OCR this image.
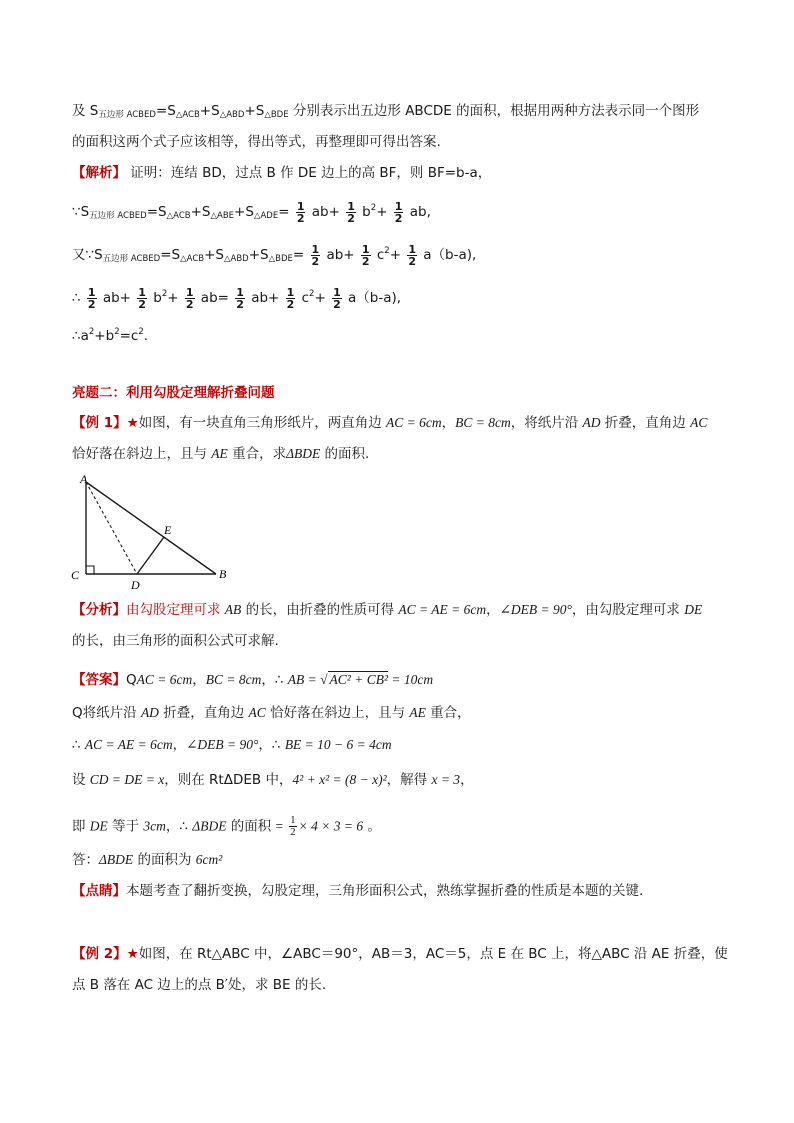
及 $S_{五边形 ACBED}=S_{\triangle ACB}+S_{\triangle ABD}+S_{\triangle BDE}$ 分别表示出五边形 ABCDE 的面积，根据用两种方法表示同一个图形
的面积这两个式子应该相等，得出等式，再整理即可得出答案.
【解析】 证明：连结 BD，过点 B 作 DE 边上的高 BF，则 BF=b-a，
$\because S_{五边形 ACBED}=S_{\triangle ACB}+S_{\triangle ABE}+S_{\triangle ADE}= \frac{1}{2} ab+ \frac{1}{2} b^2+ \frac{1}{2}$ ab,
又$\because S_{五边形 ACBED}=S_{\triangle ACB}+S_{\triangle ABD}+S_{\triangle BDE}= \frac{1}{2} ab+ \frac{1}{2} c^2+ \frac{1}{2} a(b-a)$,
∴ $\frac{1}{2} ab+ \frac{1}{2} b^2+ \frac{1}{2} ab= \frac{1}{2} ab+ \frac{1}{2} c^2+ \frac{1}{2} a(b-a)$,
$\therefore a^2+b^2=c^2$.
亮题二：利用勾股定理解折叠问题
【例 1】★如图，有一块直角三角形纸片，两直角边 AC = 6cm，BC = 8cm，将纸片沿 AD 折叠，直角边 AC
恰好落在斜边上，且与 AE 重合，求ΔBDE 的面积.
A
C
D
E
B
【分析】由勾股定理可求 AB 的长，由折叠的性质可得 AC = AE = 6cm，∠DEB = 90°，由勾股定理可求 DE
的长，由三角形的面积公式可求解.
【答案】QAC = 6cm，BC = 8cm，∴ AB = √ AC² + CB² = 10cm
Q将纸片沿 AD 折叠，直角边 AC 恰好落在斜边上，且与 AE 重合，
∴ AC = AE = 6cm，∠DEB = 90°，∴ BE = 10 − 6 = 4cm
设 CD = DE = x，则在 RtΔDEB 中，4² + x² = (8 − x)²，解得 x = 3，
即 DE 等于 3cm，∴ ΔBDE 的面积 = $\frac{1}{2} \times 4 \times 3 = 6$ 。
答：ΔBDE 的面积为 6cm²
【点睛】本题考查了翻折变换，勾股定理，三角形面积公式，熟练掌握折叠的性质是本题的关键.
【例 2】★如图，在 Rt△ABC 中，∠ABC＝90°，AB＝3，AC＝5，点 E 在 BC 上，将△ABC 沿 AE 折叠，使
点 B 落在 AC 边上的点 B′处，求 BE 的长.
